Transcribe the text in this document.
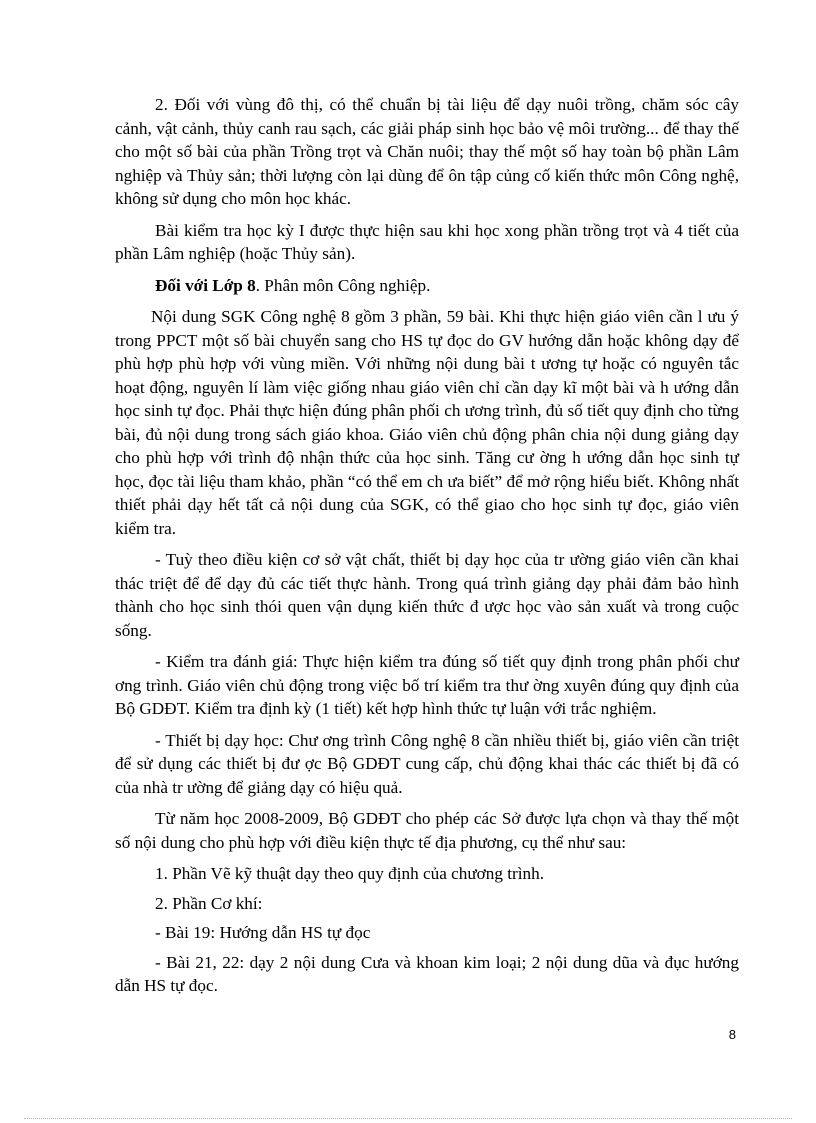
2. Đối với vùng đô thị, có thể chuẩn bị tài liệu để dạy nuôi trồng, chăm sóc cây cảnh, vật cảnh, thủy canh rau sạch, các giải pháp sinh học bảo vệ môi trường... để thay thế cho một số bài của phần Trồng trọt và Chăn nuôi; thay thế một số hay toàn bộ phần Lâm nghiệp và Thủy sản; thời lượng còn lại dùng để ôn tập củng cố kiến thức môn Công nghệ, không sử dụng cho môn học khác.

Bài kiểm tra học kỳ I được thực hiện sau khi học xong phần trồng trọt và 4 tiết của phần Lâm nghiệp (hoặc Thủy sản).

Đối với Lớp 8. Phân môn Công nghiệp.

Nội dung SGK Công nghệ 8 gồm 3 phần, 59 bài. Khi thực hiện giáo viên cần l ưu ý trong PPCT một số bài chuyển sang cho HS tự đọc do GV hướng dẫn hoặc không dạy để phù hợp phù hợp với vùng miền. Với những nội dung bài t ương tự hoặc có nguyên tắc hoạt động, nguyên lí làm việc giống nhau giáo viên chỉ cần dạy kĩ một bài và h ướng dẫn học sinh tự đọc. Phải thực hiện đúng phân phối ch ương trình, đủ số tiết quy định cho từng bài, đủ nội dung trong sách giáo khoa. Giáo viên chủ động phân chia nội dung giảng dạy cho phù hợp với trình độ nhận thức của học sinh. Tăng cư ờng h ướng dẫn học sinh tự học, đọc tài liệu tham khảo, phần “có thể em ch ưa biết” để mở rộng hiểu biết. Không nhất thiết phải dạy hết tất cả nội dung của SGK, có thể giao cho học sinh tự đọc, giáo viên kiểm tra.

- Tuỳ theo điều kiện cơ sở vật chất, thiết bị dạy học của tr ường giáo viên cần khai thác triệt để để dạy đủ các tiết thực hành. Trong quá trình giảng dạy phải đảm bảo hình thành cho học sinh thói quen vận dụng kiến thức đ ược học vào sản xuất và trong cuộc sống.

- Kiểm tra đánh giá: Thực hiện kiểm tra đúng số tiết quy định trong phân phối chư ơng trình. Giáo viên chủ động trong việc bố trí kiểm tra thư ờng xuyên đúng quy định của Bộ GDĐT. Kiểm tra định kỳ (1 tiết) kết hợp hình thức tự luận với trắc nghiệm.

- Thiết bị dạy học: Chư ơng trình Công nghệ 8 cần nhiều thiết bị, giáo viên cần triệt để sử dụng các thiết bị đư ợc Bộ GDĐT cung cấp, chủ động khai thác các thiết bị đã có của nhà tr ường để giảng dạy có hiệu quả.

Từ năm học 2008-2009, Bộ GDĐT cho phép các Sở được lựa chọn và thay thế một số nội dung cho phù hợp với điều kiện thực tế địa phương, cụ thể như sau:

1. Phần Vẽ kỹ thuật dạy theo quy định của chương trình.

2. Phần Cơ khí:

- Bài 19: Hướng dẫn HS tự đọc

- Bài 21, 22: dạy 2 nội dung Cưa và khoan kim loại; 2 nội dung dũa và đục hướng dẫn HS tự đọc.

8
